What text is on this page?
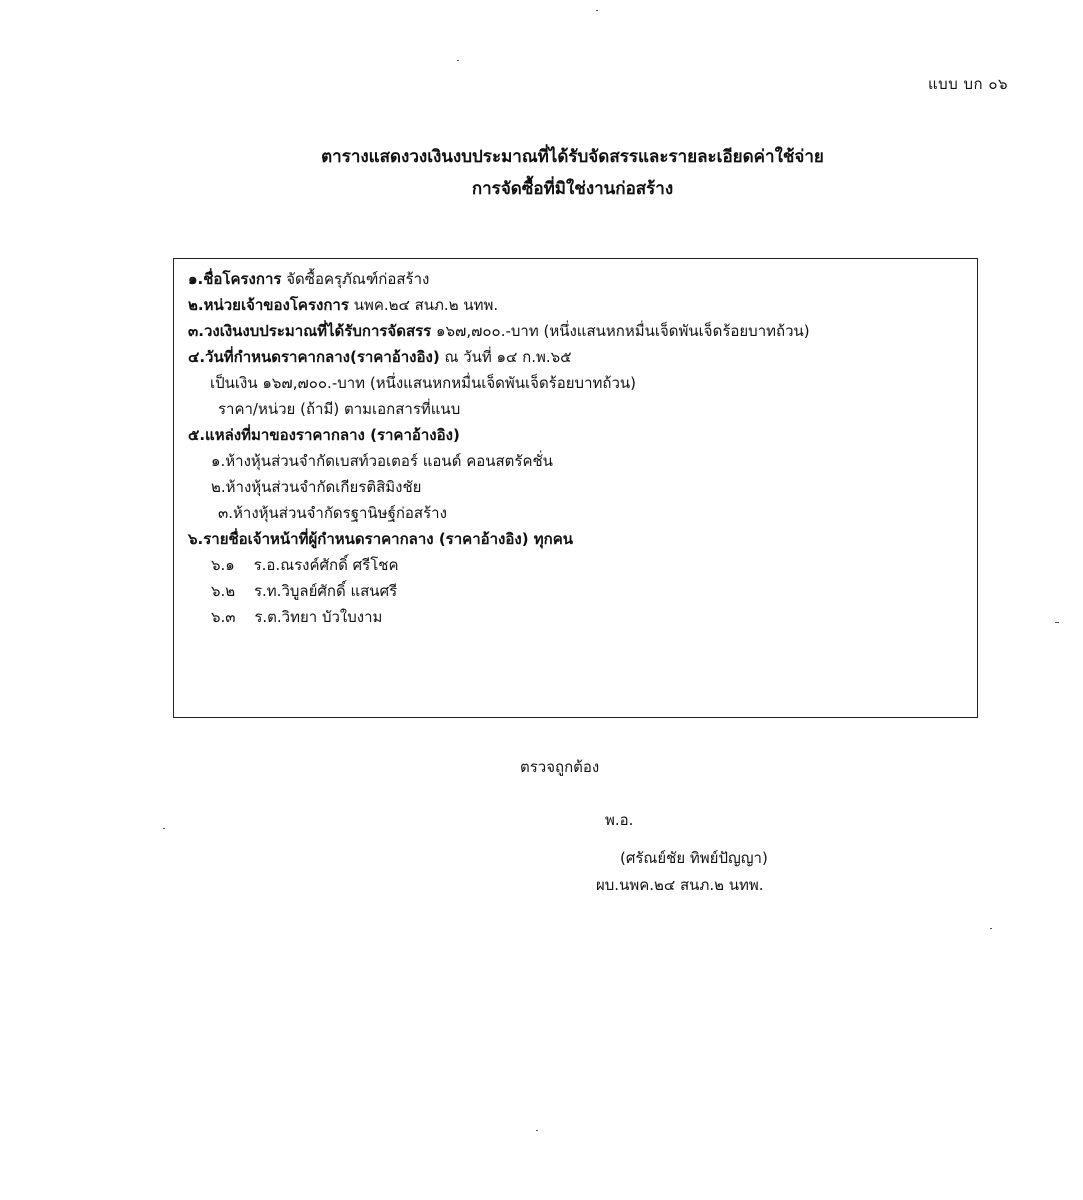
แบบ บก ๐๖
ตารางแสดงวงเงินงบประมาณที่ได้รับจัดสรรและรายละเอียดค่าใช้จ่าย
การจัดซื้อที่มิใช่งานก่อสร้าง
๑.ชื่อโครงการ จัดซื้อครุภัณฑ์ก่อสร้าง
๒.หน่วยเจ้าของโครงการ นพค.๒๔ สนภ.๒ นทพ.
๓.วงเงินงบประมาณที่ได้รับการจัดสรร ๑๖๗,๗๐๐.-บาท (หนึ่งแสนหกหมื่นเจ็ดพันเจ็ดร้อยบาทถ้วน)
๔.วันที่กำหนดราคากลาง(ราคาอ้างอิง) ณ วันที่ ๑๔ ก.พ.๖๕
เป็นเงิน ๑๖๗,๗๐๐.-บาท (หนึ่งแสนหกหมื่นเจ็ดพันเจ็ดร้อยบาทถ้วน)
ราคา/หน่วย (ถ้ามี) ตามเอกสารที่แนบ
๕.แหล่งที่มาของราคากลาง (ราคาอ้างอิง)
๑.ห้างหุ้นส่วนจำกัดเบสท์วอเตอร์ แอนด์ คอนสตรัคชั่น
๒.ห้างหุ้นส่วนจำกัดเกียรติสิมิงชัย
๓.ห้างหุ้นส่วนจำกัดรฐานิษฐ์ก่อสร้าง
๖.รายชื่อเจ้าหน้าที่ผู้กำหนดราคากลาง (ราคาอ้างอิง) ทุกคน
๖.๑ ร.อ.ณรงค์ศักดิ์ ศรีโชค
๖.๒ ร.ท.วิบูลย์ศักดิ์ แสนศรี
๖.๓ ร.ต.วิทยา บัวใบงาม
ตรวจถูกต้อง
พ.อ.
(ศรัณย์ชัย ทิพย์ปัญญา)
ผบ.นพค.๒๔ สนภ.๒ นทพ.
